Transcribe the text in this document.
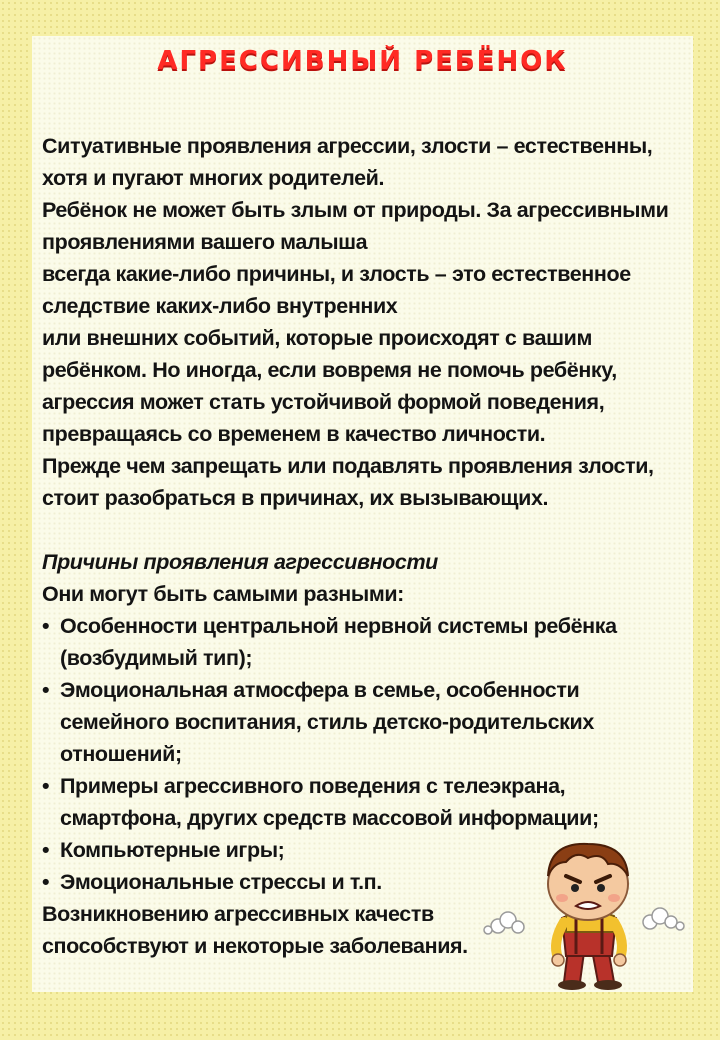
АГРЕССИВНЫЙ РЕБЁНОК

Ситуативные проявления агрессии, злости – естественны,

хотя и пугают многих родителей.

Ребёнок не может быть злым от природы. За агрессивными

проявлениями вашего малыша

всегда какие-либо причины, и злость – это естественное

следствие каких-либо внутренних

или внешних событий, которые происходят с вашим

ребёнком. Но иногда, если вовремя не помочь ребёнку,

агрессия может стать устойчивой формой поведения,

превращаясь со временем в качество личности.

Прежде чем запрещать или подавлять проявления злости,

стоит разобраться в причинах, их вызывающих.

Причины проявления агрессивности

Они могут быть самыми разными:

• Особенности центральной нервной системы ребёнка
(возбудимый тип);
• Эмоциональная атмосфера в семье, особенности
семейного воспитания, стиль детско-родительских
отношений;
• Примеры агрессивного поведения с телеэкрана,
смартфона, других средств массовой информации;
• Компьютерные игры;
• Эмоциональные стрессы и т.п.

Возникновению агрессивных качеств

способствуют и некоторые заболевания.
